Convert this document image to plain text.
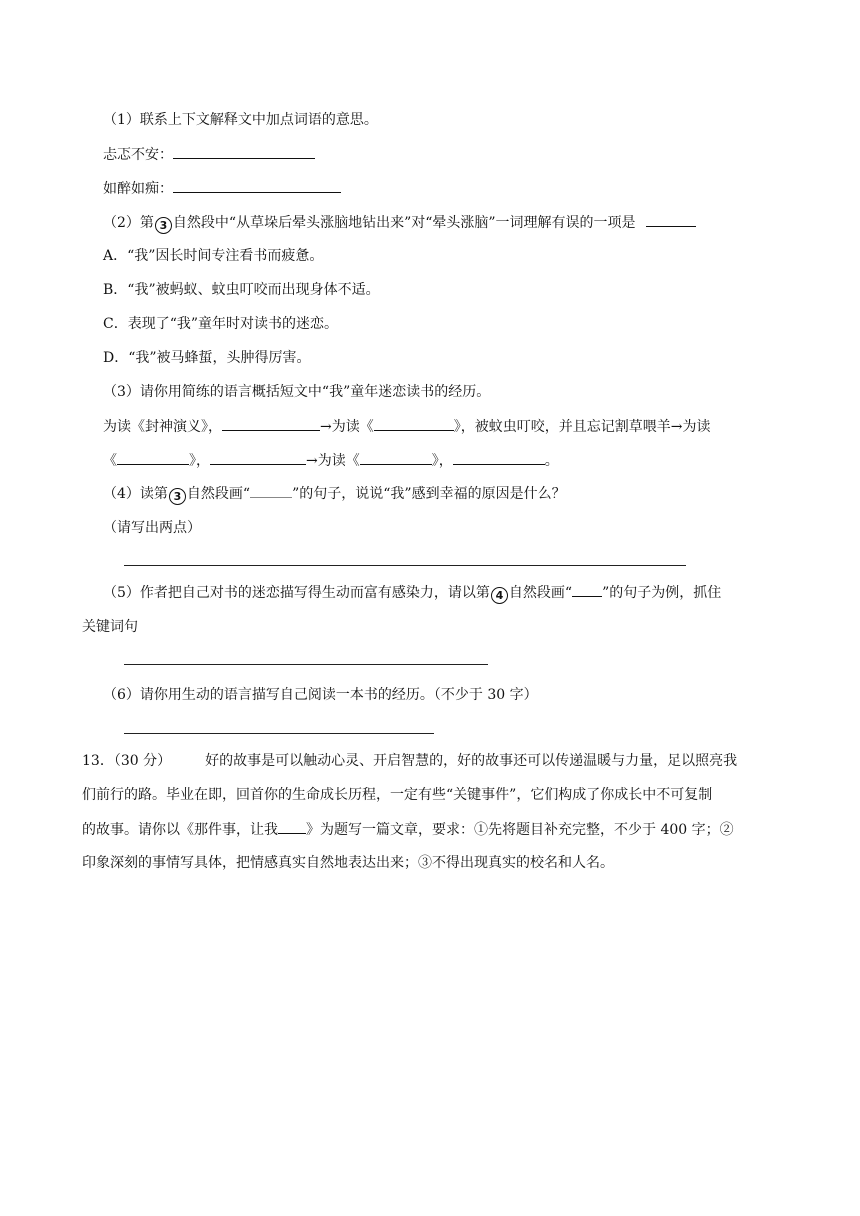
（1）联系上下文解释文中加点词语的意思。
忐忑不安：
如醉如痴：
（2）第 3 自然段中“从草垛后晕头涨脑地钻出来”对“晕头涨脑”一词理解有误的一项是
A．“我”因长时间专注看书而疲惫。
B．“我”被蚂蚁、蚊虫叮咬而出现身体不适。
C．表现了“我”童年时对读书的迷恋。
D．“我”被马蜂蜇，头肿得厉害。
（3）请你用简练的语言概括短文中“我”童年迷恋读书的经历。
为读《封神演义》，	→为读《	》，被蚊虫叮咬，并且忘记割草喂羊→为读
《	》，	→为读《	》，	。
（4）读第 3 自然段画“	”的句子，说说“我”感到幸福的原因是什么？
（请写出两点）
（5）作者把自己对书的迷恋描写得生动而富有感染力，请以第 4 自然段画“ ”的句子为例，抓住
关键词句
（6）请你用生动的语言描写自己阅读一本书的经历。（不少于 30 字）
13．（30 分） 好的故事是可以触动心灵、开启智慧的，好的故事还可以传递温暖与力量，足以照亮我
们前行的路。毕业在即，回首你的生命成长历程，一定有些“关键事件”，它们构成了你成长中不可复制
的故事。请你以《那件事，让我 》为题写一篇文章，要求：①先将题目补充完整，不少于 400 字；②
印象深刻的事情写具体，把情感真实自然地表达出来；③不得出现真实的校名和人名。
